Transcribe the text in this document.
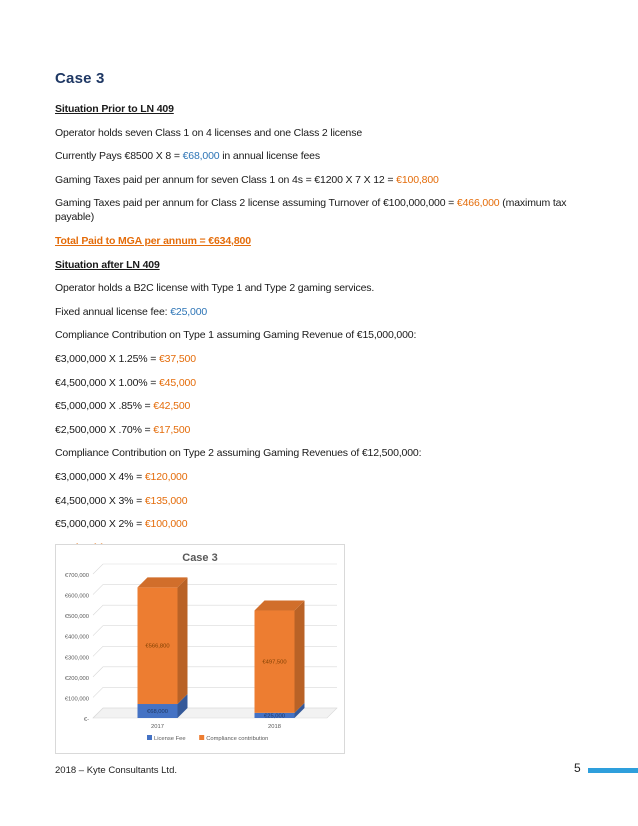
Case 3

Situation Prior to LN 409

Operator holds seven Class 1 on 4 licenses and one Class 2 license

Currently Pays €8500 X 8 = €68,000 in annual license fees

Gaming Taxes paid per annum for seven Class 1 on 4s = €1200 X 7 X 12 = €100,800

Gaming Taxes paid per annum for Class 2 license assuming Turnover of €100,000,000 = €466,000 (maximum tax payable)

Total Paid to MGA per annum = €634,800

Situation after LN 409

Operator holds a B2C license with Type 1 and Type 2 gaming services.

Fixed annual license fee: €25,000

Compliance Contribution on Type 1 assuming Gaming Revenue of €15,000,000:

€3,000,000 X 1.25% = €37,500

€4,500,000 X 1.00% = €45,000

€5,000,000 X .85% = €42,500

€2,500,000 X .70% = €17,500

Compliance Contribution on Type 2 assuming Gaming Revenues of €12,500,000:

€3,000,000 X 4% = €120,000

€4,500,000 X 3% = €135,000

€5,000,000 X 2% = €100,000

Case 3
€-
€100,000
€200,000
€300,000
€400,000
€500,000
€600,000
€700,000
€68,000
€566,800
2017
€25,000
€497,500
2018
License Fee	Compliance contribution
2018 – Kyte Consultants Ltd.	5
